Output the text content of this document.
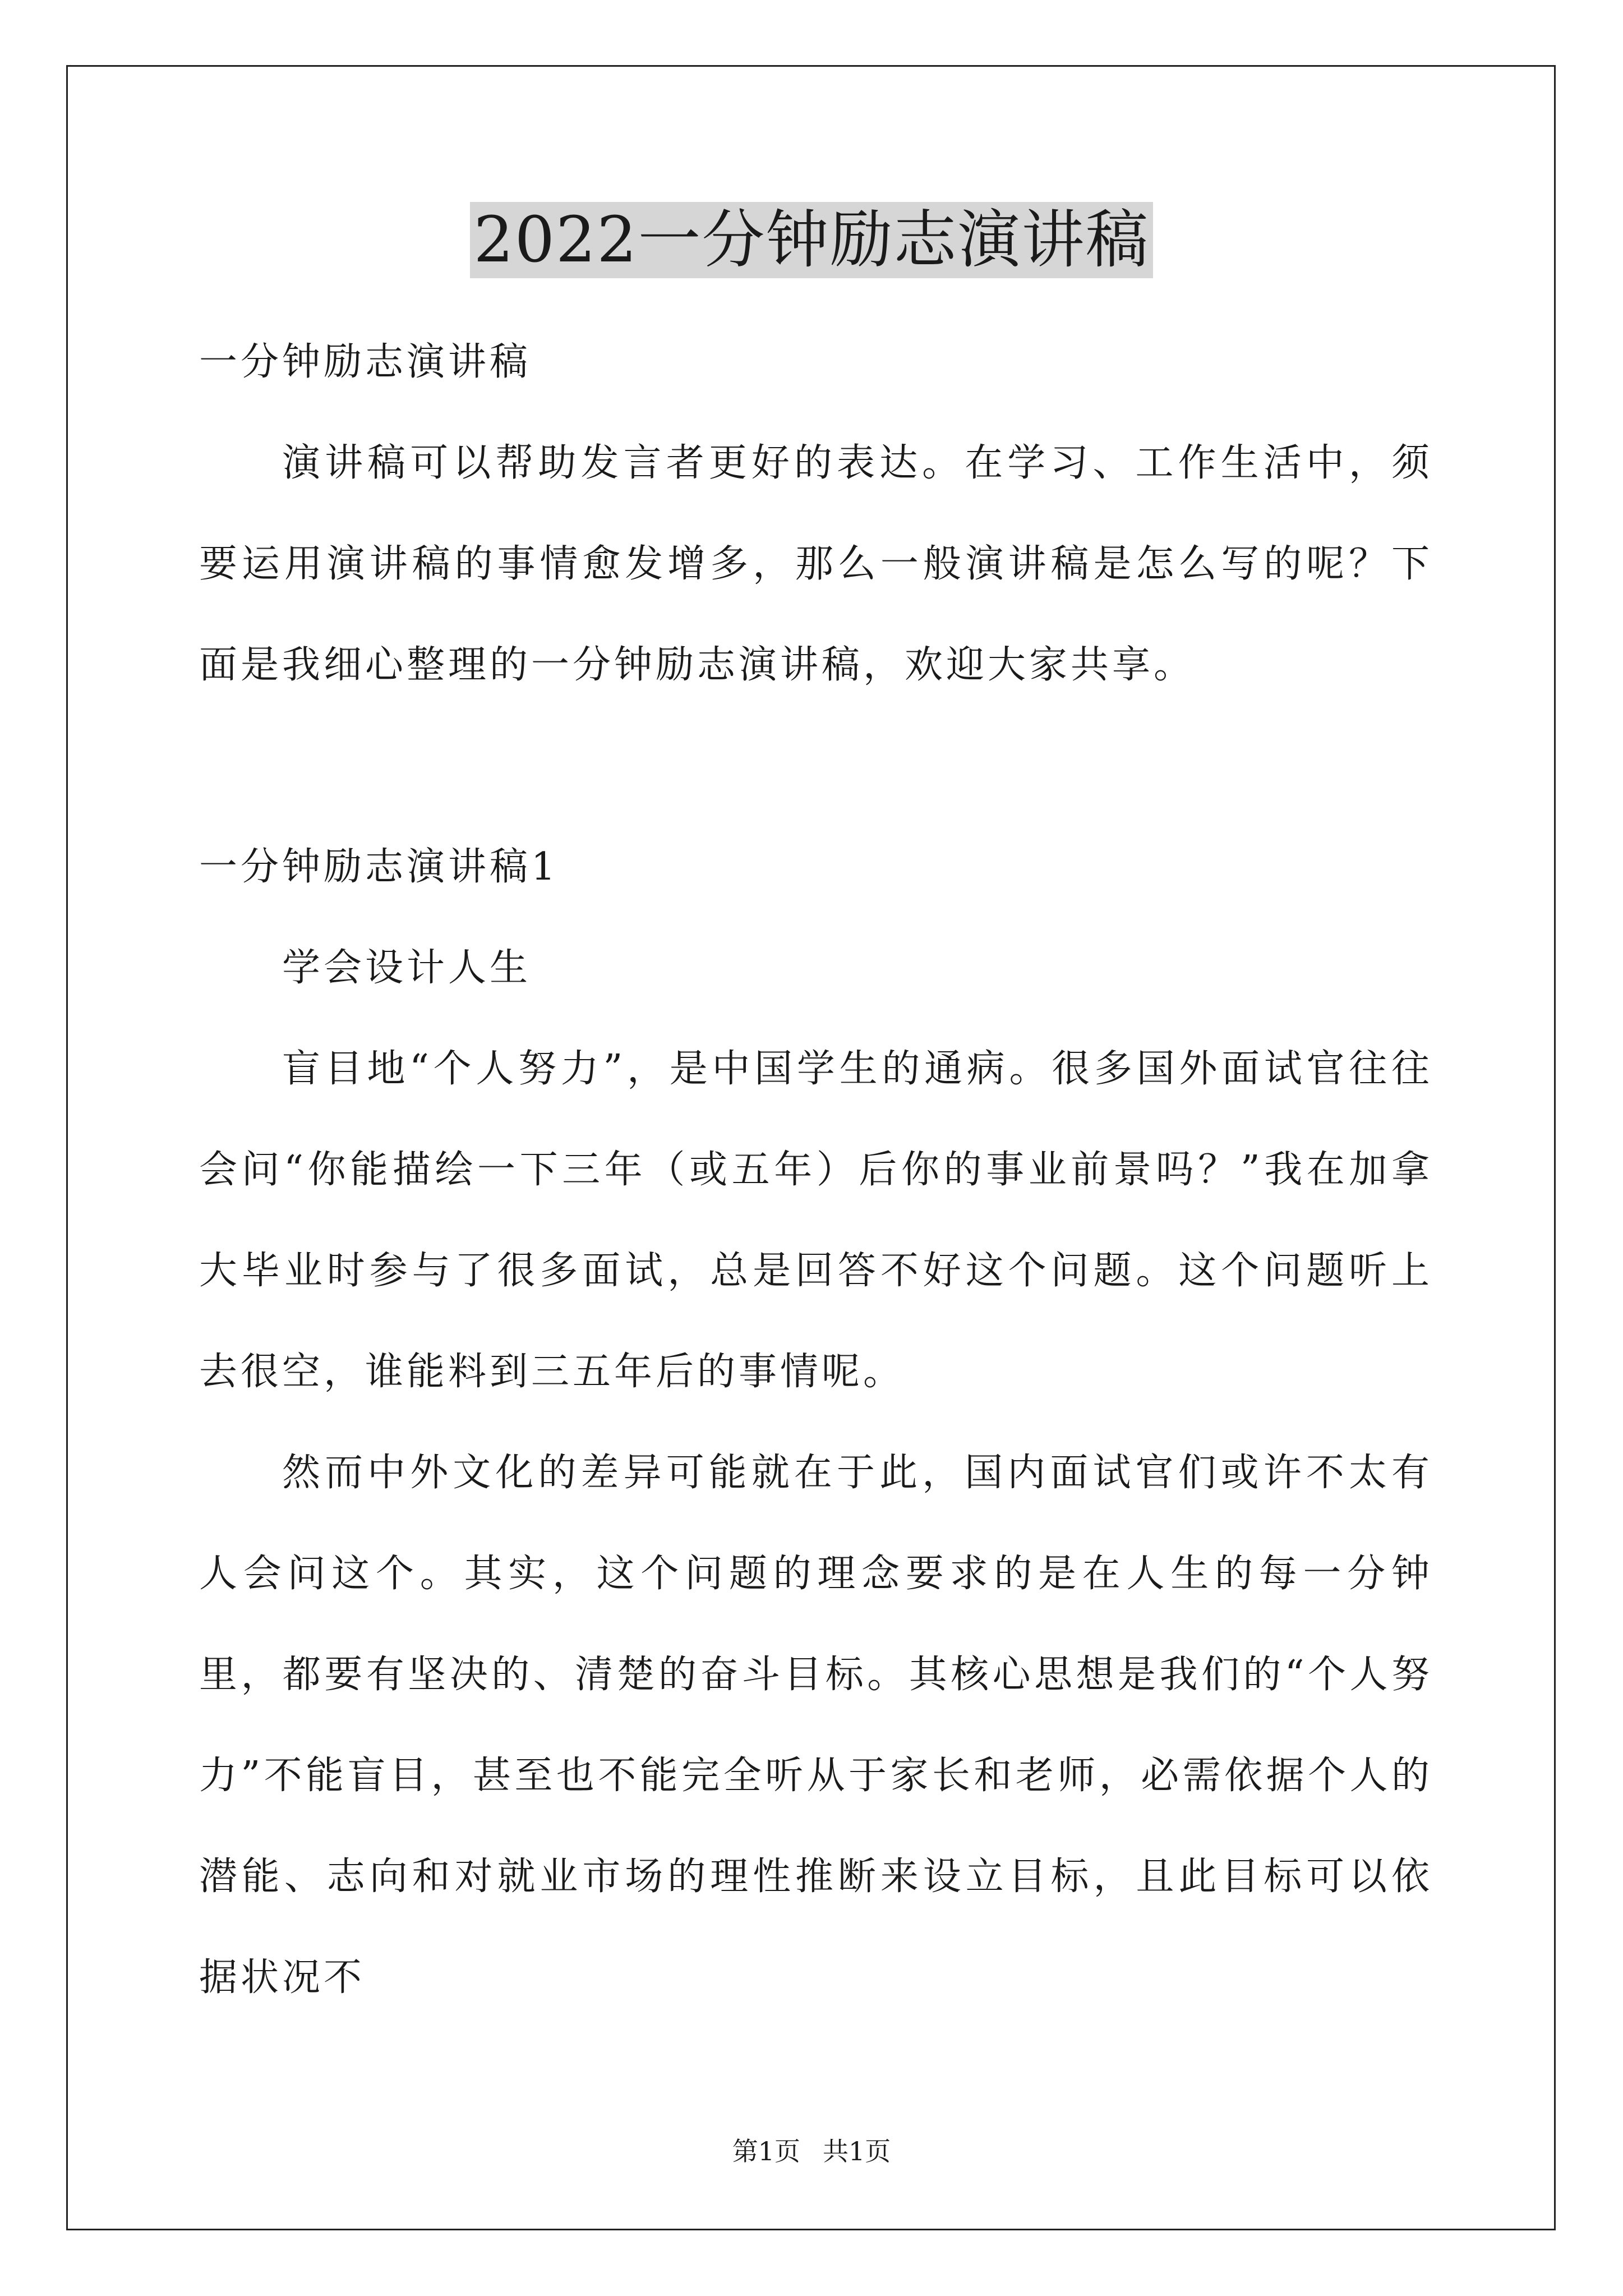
2022一分钟励志演讲稿
一分钟励志演讲稿
演讲稿可以帮助发言者更好的表达。在学习、工作生活中，须要运用演讲稿的事情愈发增多，那么一般演讲稿是怎么写的呢？下面是我细心整理的一分钟励志演讲稿，欢迎大家共享。
一分钟励志演讲稿1
学会设计人生
盲目地“个人努力”，是中国学生的通病。很多国外面试官往往会问“你能描绘一下三年（或五年）后你的事业前景吗？”我在加拿大毕业时参与了很多面试，总是回答不好这个问题。这个问题听上去很空，谁能料到三五年后的事情呢。
然而中外文化的差异可能就在于此，国内面试官们或许不太有人会问这个。其实，这个问题的理念要求的是在人生的每一分钟里，都要有坚决的、清楚的奋斗目标。其核心思想是我们的“个人努力”不能盲目，甚至也不能完全听从于家长和老师，必需依据个人的潜能、志向和对就业市场的理性推断来设立目标，且此目标可以依据状况不
第1页 共1页
